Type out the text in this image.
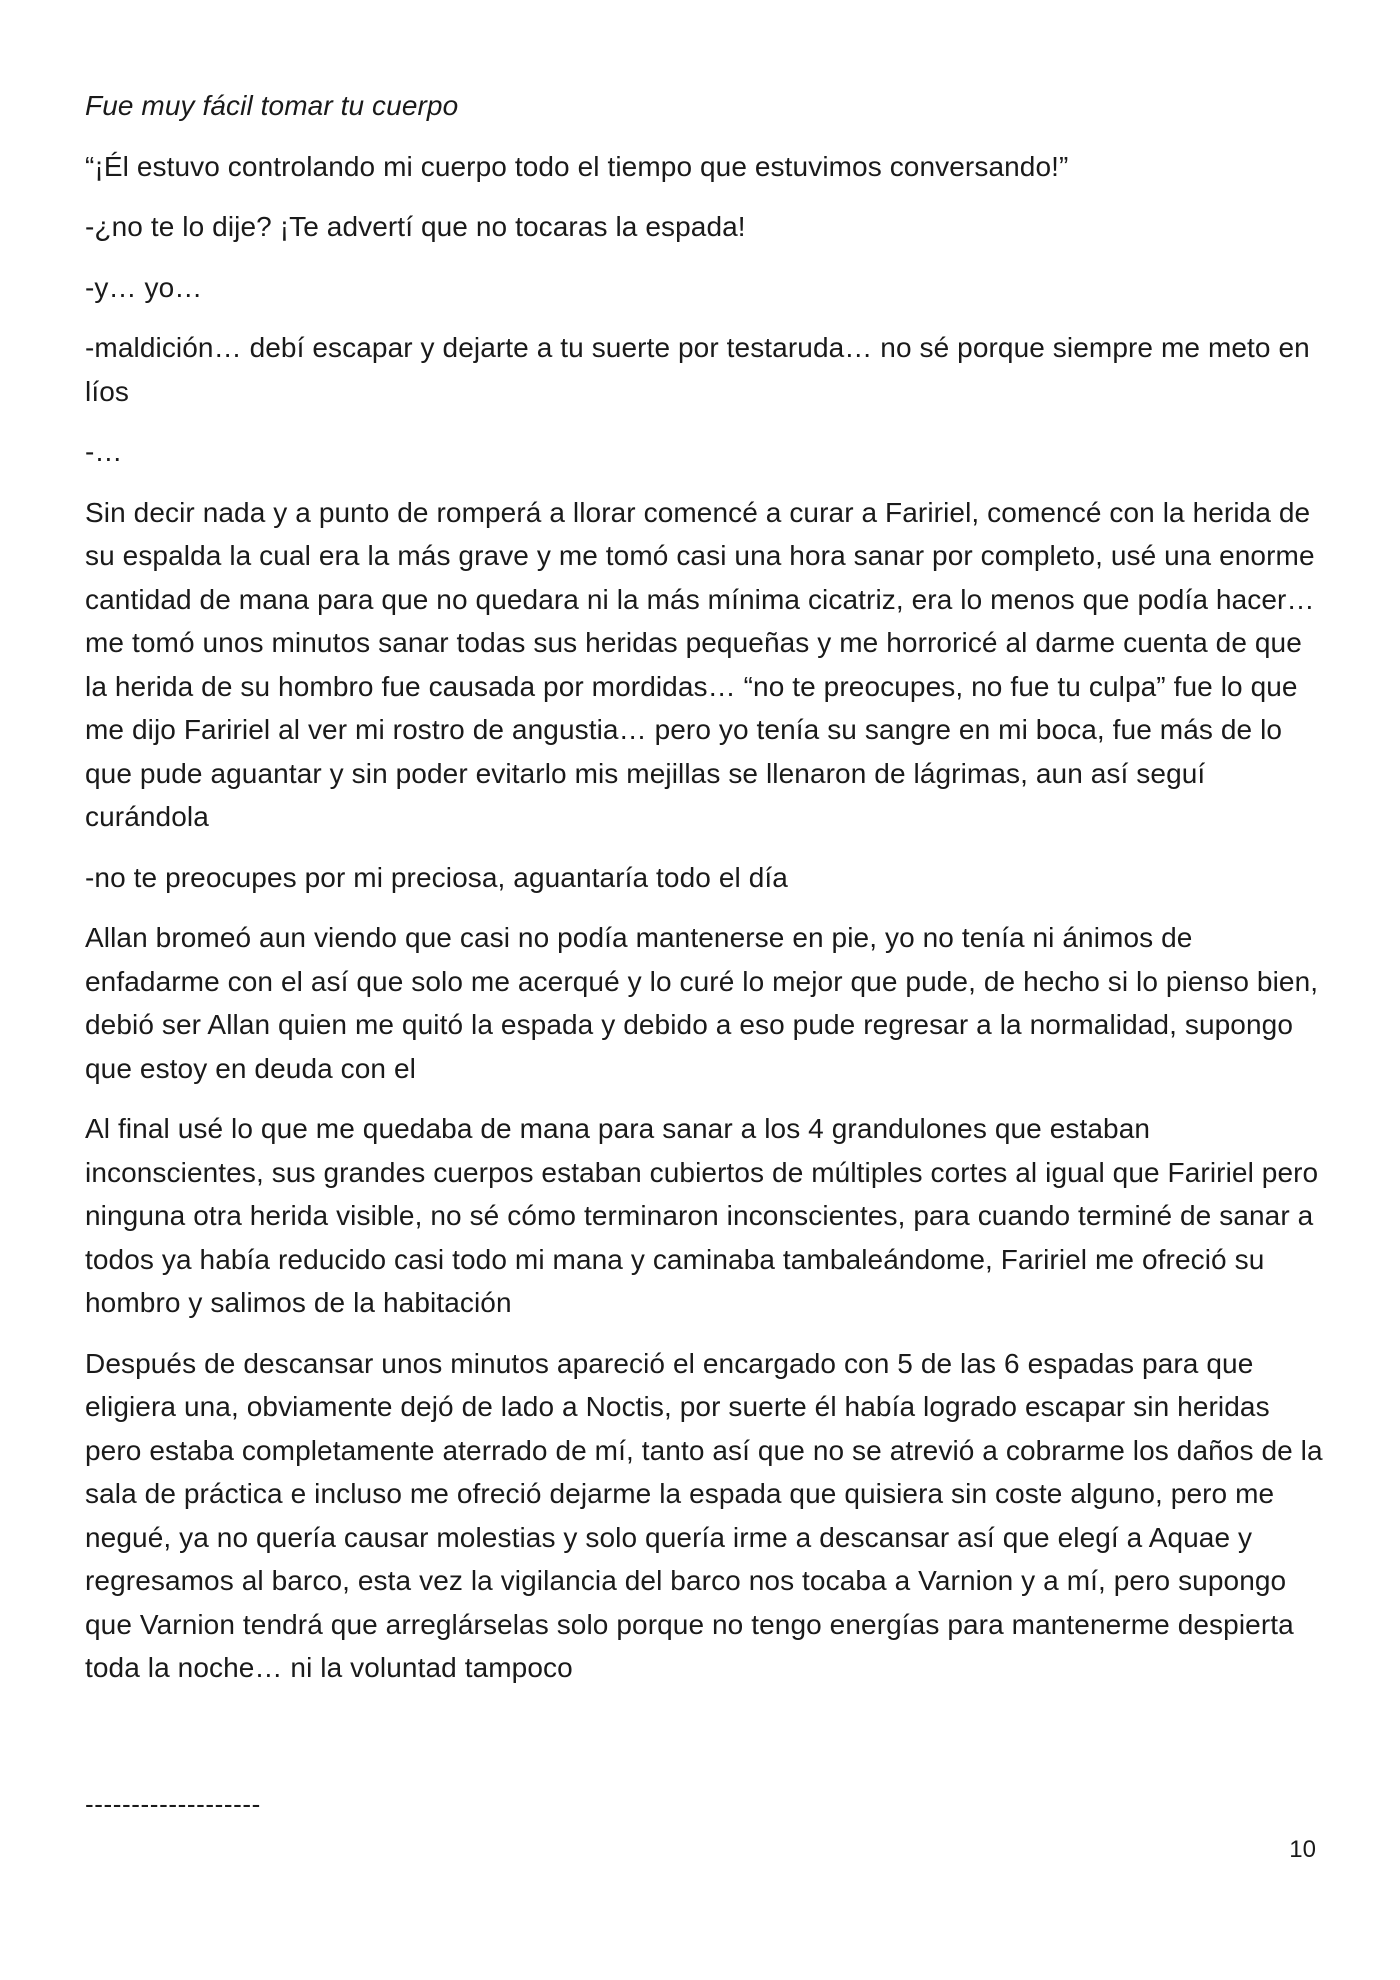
Fue muy fácil tomar tu cuerpo

“¡Él estuvo controlando mi cuerpo todo el tiempo que estuvimos conversando!”

-¿no te lo dije? ¡Te advertí que no tocaras la espada!

-y… yo…

-maldición… debí escapar y dejarte a tu suerte por testaruda… no sé porque siempre me meto en líos

-…

Sin decir nada y a punto de romperá a llorar comencé a curar a Faririel, comencé con la herida de su espalda la cual era la más grave y me tomó casi una hora sanar por completo, usé una enorme cantidad de mana para que no quedara ni la más mínima cicatriz, era lo menos que podía hacer… me tomó unos minutos sanar todas sus heridas pequeñas y me horroricé al darme cuenta de que la herida de su hombro fue causada por mordidas… “no te preocupes, no fue tu culpa” fue lo que me dijo Faririel al ver mi rostro de angustia… pero yo tenía su sangre en mi boca, fue más de lo que pude aguantar y sin poder evitarlo mis mejillas se llenaron de lágrimas, aun así seguí curándola

-no te preocupes por mi preciosa, aguantaría todo el día

Allan bromeó aun viendo que casi no podía mantenerse en pie, yo no tenía ni ánimos de enfadarme con el así que solo me acerqué y lo curé lo mejor que pude, de hecho si lo pienso bien, debió ser Allan quien me quitó la espada y debido a eso pude regresar a la normalidad, supongo que estoy en deuda con el

Al final usé lo que me quedaba de mana para sanar a los 4 grandulones que estaban inconscientes, sus grandes cuerpos estaban cubiertos de múltiples cortes al igual que Faririel pero ninguna otra herida visible, no sé cómo terminaron inconscientes, para cuando terminé de sanar a todos ya había reducido casi todo mi mana y caminaba tambaleándome, Faririel me ofreció su hombro y salimos de la habitación

Después de descansar unos minutos apareció el encargado con 5 de las 6 espadas para que eligiera una, obviamente dejó de lado a Noctis, por suerte él había logrado escapar sin heridas pero estaba completamente aterrado de mí, tanto así que no se atrevió a cobrarme los daños de la sala de práctica e incluso me ofreció dejarme la espada que quisiera sin coste alguno, pero me negué, ya no quería causar molestias y solo quería irme a descansar así que elegí a Aquae y regresamos al barco, esta vez la vigilancia del barco nos tocaba a Varnion y a mí, pero supongo que Varnion tendrá que arreglárselas solo porque no tengo energías para mantenerme despierta toda la noche… ni la voluntad tampoco

-------------------
10
